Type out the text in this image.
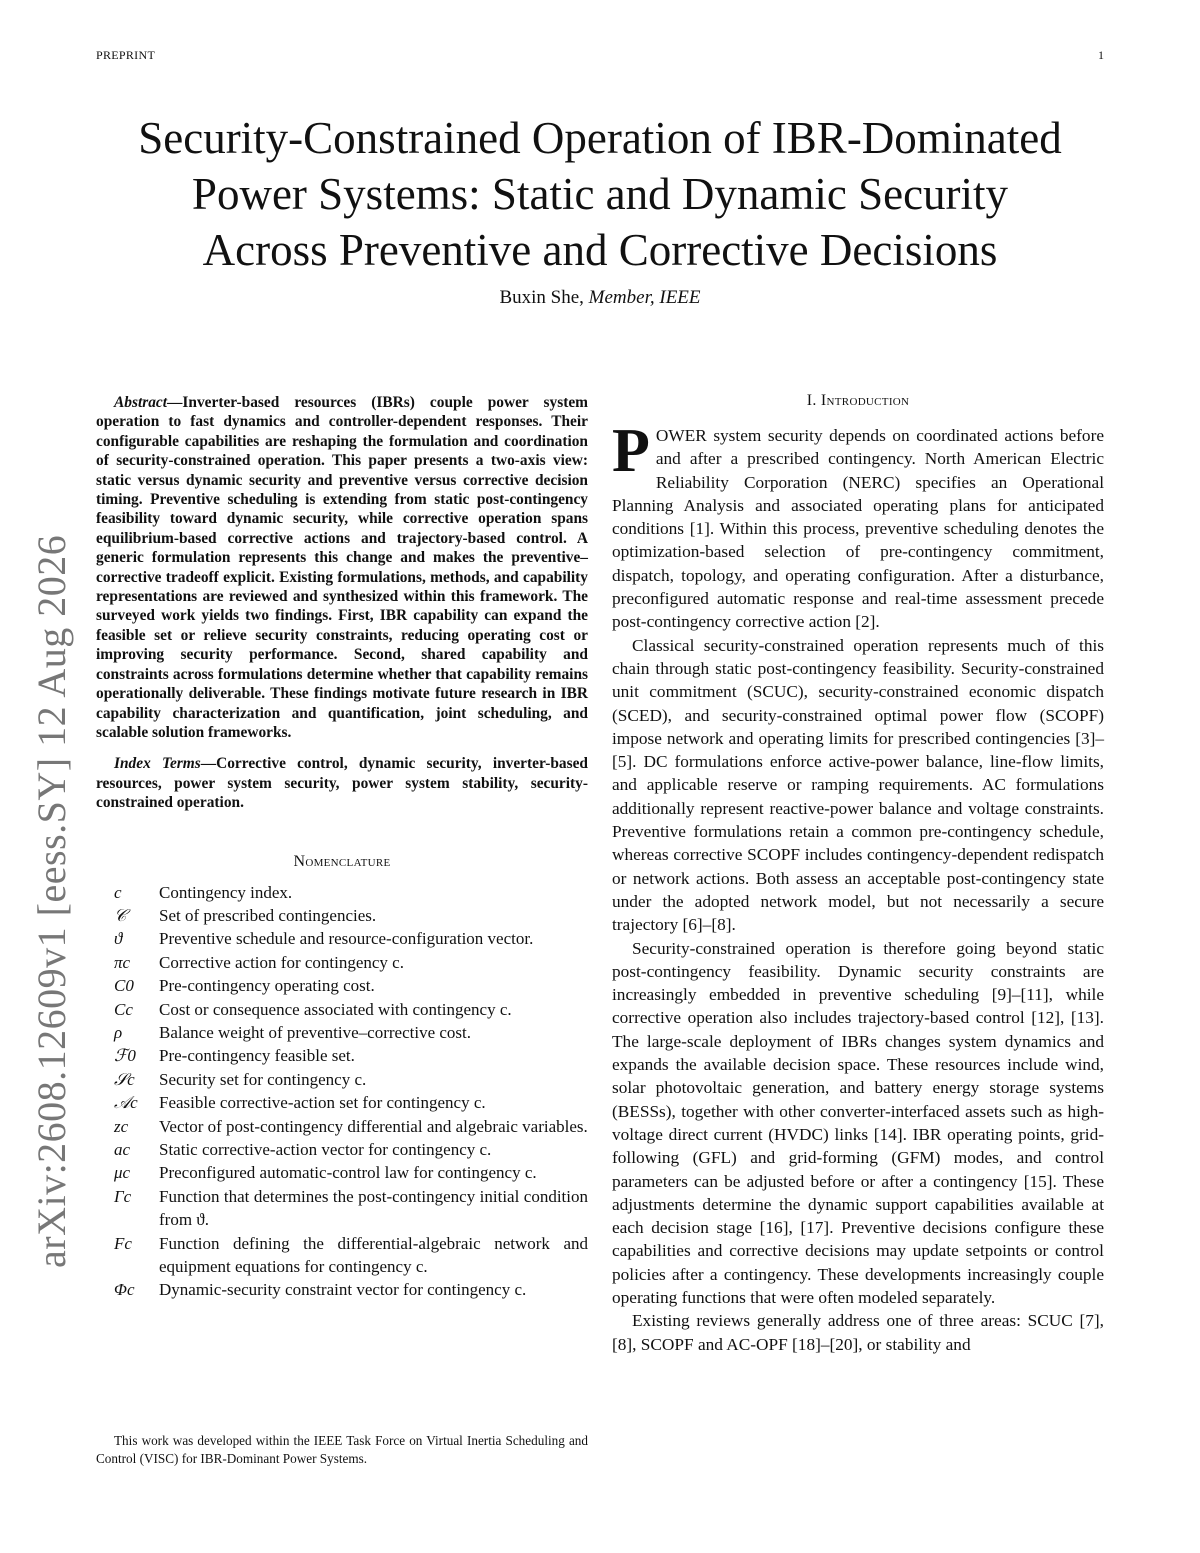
PREPRINT	1
arXiv:2608.12609v1 [eess.SY] 12 Aug 2026
Security-Constrained Operation of IBR-Dominated
Power Systems: Static and Dynamic Security
Across Preventive and Corrective Decisions
Buxin She, Member, IEEE

Abstract—Inverter-based resources (IBRs) couple power system operation to fast dynamics and controller-dependent responses. Their configurable capabilities are reshaping the formulation and coordination of security-constrained operation. This paper presents a two-axis view: static versus dynamic security and preventive versus corrective decision timing. Preventive scheduling is extending from static post-contingency feasibility toward dynamic security, while corrective operation spans equilibrium-based corrective actions and trajectory-based control. A generic formulation represents this change and makes the preventive–corrective tradeoff explicit. Existing formulations, methods, and capability representations are reviewed and synthesized within this framework. The surveyed work yields two findings. First, IBR capability can expand the feasible set or relieve security constraints, reducing operating cost or improving security performance. Second, shared capability and constraints across formulations determine whether that capability remains operationally deliverable. These findings motivate future research in IBR capability characterization and quantification, joint scheduling, and scalable solution frameworks.

Index Terms—Corrective control, dynamic security, inverter-based resources, power system security, power system stability, security-constrained operation.

Nomenclature

c	Contingency index.
𝒞	Set of prescribed contingencies.
ϑ	Preventive schedule and resource-configuration vector.
πc	Corrective action for contingency c.
C0	Pre-contingency operating cost.
Cc	Cost or consequence associated with contingency c.
ρ	Balance weight of preventive–corrective cost.
ℱ0	Pre-contingency feasible set.
𝒮c	Security set for contingency c.
𝒜c	Feasible corrective-action set for contingency c.
zc	Vector of post-contingency differential and algebraic variables.
ac	Static corrective-action vector for contingency c.
μc	Preconfigured automatic-control law for contingency c.
Γc	Function that determines the post-contingency initial condition from ϑ.
Fc	Function defining the differential-algebraic network and equipment equations for contingency c.
Φc	Dynamic-security constraint vector for contingency c.
This work was developed within the IEEE Task Force on Virtual Inertia Scheduling and Control (VISC) for IBR-Dominant Power Systems.

I. Introduction

POWER system security depends on coordinated actions before and after a prescribed contingency. North American Electric Reliability Corporation (NERC) specifies an Operational Planning Analysis and associated operating plans for anticipated conditions [1]. Within this process, preventive scheduling denotes the optimization-based selection of pre-contingency commitment, dispatch, topology, and operating configuration. After a disturbance, preconfigured automatic response and real-time assessment precede post-contingency corrective action [2].

Classical security-constrained operation represents much of this chain through static post-contingency feasibility. Security-constrained unit commitment (SCUC), security-constrained economic dispatch (SCED), and security-constrained optimal power flow (SCOPF) impose network and operating limits for prescribed contingencies [3]–[5]. DC formulations enforce active-power balance, line-flow limits, and applicable reserve or ramping requirements. AC formulations additionally represent reactive-power balance and voltage constraints. Preventive formulations retain a common pre-contingency schedule, whereas corrective SCOPF includes contingency-dependent redispatch or network actions. Both assess an acceptable post-contingency state under the adopted network model, but not necessarily a secure trajectory [6]–[8].

Security-constrained operation is therefore going beyond static post-contingency feasibility. Dynamic security constraints are increasingly embedded in preventive scheduling [9]–[11], while corrective operation also includes trajectory-based control [12], [13]. The large-scale deployment of IBRs changes system dynamics and expands the available decision space. These resources include wind, solar photovoltaic generation, and battery energy storage systems (BESSs), together with other converter-interfaced assets such as high-voltage direct current (HVDC) links [14]. IBR operating points, grid-following (GFL) and grid-forming (GFM) modes, and control parameters can be adjusted before or after a contingency [15]. These adjustments determine the dynamic support capabilities available at each decision stage [16], [17]. Preventive decisions configure these capabilities and corrective decisions may update setpoints or control policies after a contingency. These developments increasingly couple operating functions that were often modeled separately.

Existing reviews generally address one of three areas: SCUC [7], [8], SCOPF and AC-OPF [18]–[20], or stability and
